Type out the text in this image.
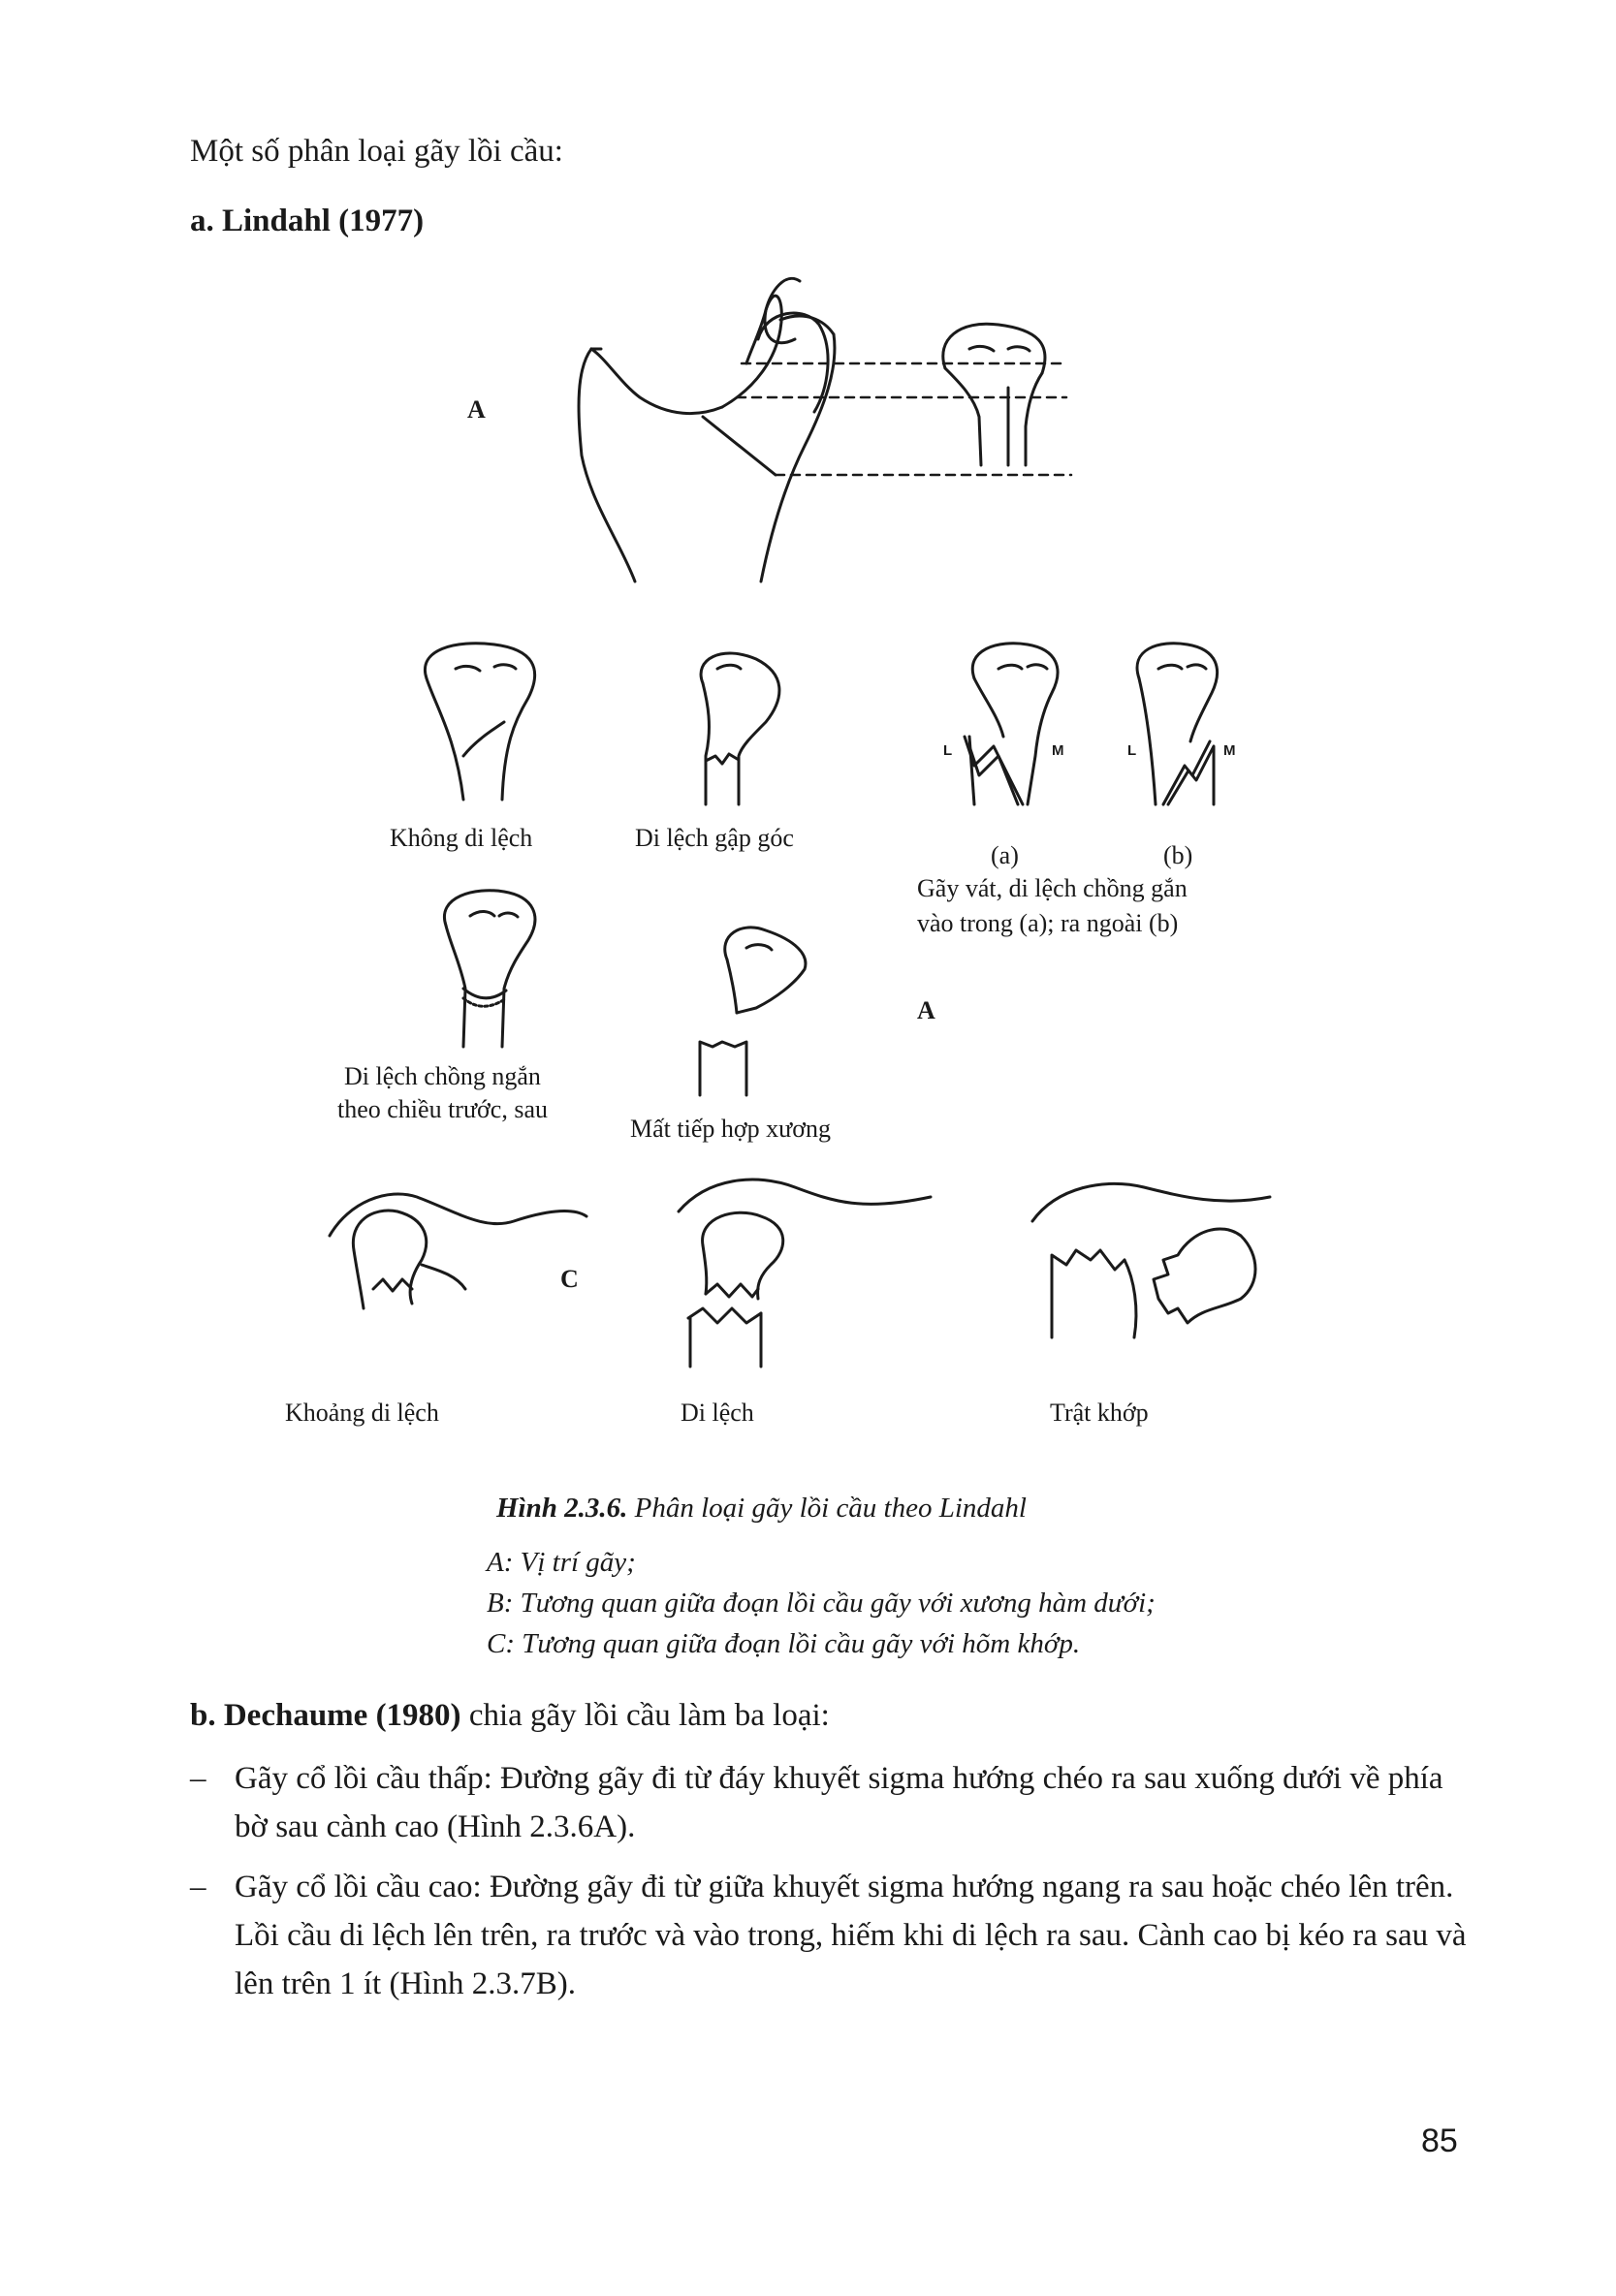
Một số phân loại gãy lồi cầu:
a. Lindahl (1977)
A
Không di lệch	Di lệch gập góc
(a)	(b)
Gãy vát, di lệch chồng gắn
vào trong (a); ra ngoài (b)
Di lệch chồng ngắn
theo chiều trước, sau
Mất tiếp hợp xương
A
C
Khoảng di lệch	Di lệch	Trật khớp
L	M	L	M
Hình 2.3.6. Phân loại gãy lồi cầu theo Lindahl
A: Vị trí gãy;
B: Tương quan giữa đoạn lồi cầu gãy với xương hàm dưới;
C: Tương quan giữa đoạn lồi cầu gãy với hõm khớp.
b. Dechaume (1980) chia gãy lồi cầu làm ba loại:
– Gãy cổ lồi cầu thấp: Đường gãy đi từ đáy khuyết sigma hướng chéo ra sau xuống dưới về phía bờ sau cành cao (Hình 2.3.6A).
– Gãy cổ lồi cầu cao: Đường gãy đi từ giữa khuyết sigma hướng ngang ra sau hoặc chéo lên trên. Lồi cầu di lệch lên trên, ra trước và vào trong, hiếm khi di lệch ra sau. Cành cao bị kéo ra sau và lên trên 1 ít (Hình 2.3.7B).
85
